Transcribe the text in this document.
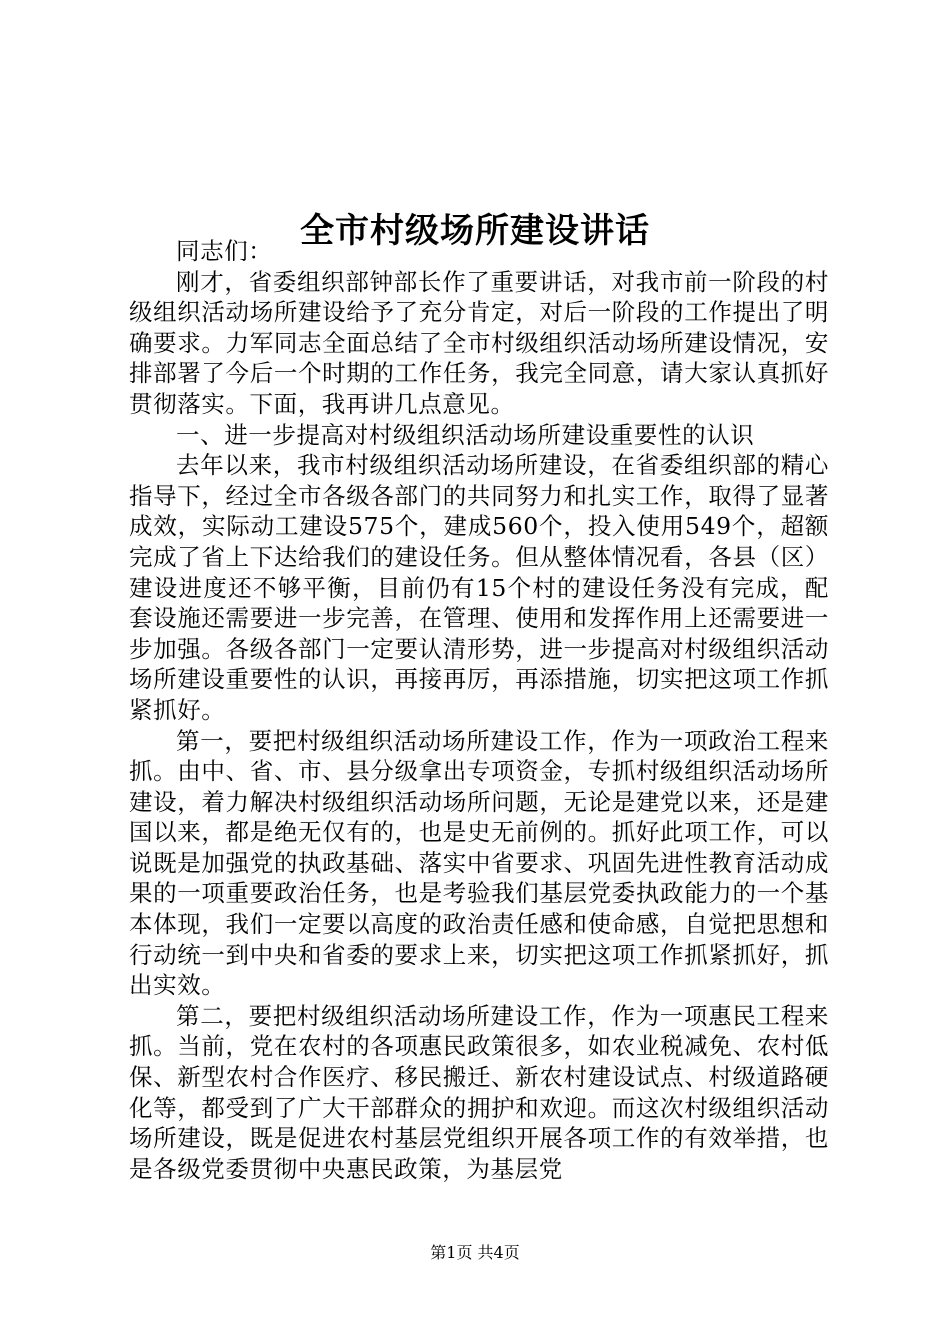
全市村级场所建设讲话

同志们：

刚才，省委组织部钟部长作了重要讲话，对我市前一阶段的村级组织活动场所建设给予了充分肯定，对后一阶段的工作提出了明确要求。力军同志全面总结了全市村级组织活动场所建设情况，安排部署了今后一个时期的工作任务，我完全同意，请大家认真抓好贯彻落实。下面，我再讲几点意见。

一、进一步提高对村级组织活动场所建设重要性的认识

去年以来，我市村级组织活动场所建设，在省委组织部的精心指导下，经过全市各级各部门的共同努力和扎实工作，取得了显著成效，实际动工建设575个，建成560个，投入使用549个，超额完成了省上下达给我们的建设任务。但从整体情况看，各县（区）建设进度还不够平衡，目前仍有15个村的建设任务没有完成，配套设施还需要进一步完善，在管理、使用和发挥作用上还需要进一步加强。各级各部门一定要认清形势，进一步提高对村级组织活动场所建设重要性的认识，再接再厉，再添措施，切实把这项工作抓紧抓好。

第一，要把村级组织活动场所建设工作，作为一项政治工程来抓。由中、省、市、县分级拿出专项资金，专抓村级组织活动场所建设，着力解决村级组织活动场所问题，无论是建党以来，还是建国以来，都是绝无仅有的，也是史无前例的。抓好此项工作，可以说既是加强党的执政基础、落实中省要求、巩固先进性教育活动成果的一项重要政治任务，也是考验我们基层党委执政能力的一个基本体现，我们一定要以高度的政治责任感和使命感，自觉把思想和行动统一到中央和省委的要求上来，切实把这项工作抓紧抓好，抓出实效。

第二，要把村级组织活动场所建设工作，作为一项惠民工程来抓。当前，党在农村的各项惠民政策很多，如农业税减免、农村低保、新型农村合作医疗、移民搬迁、新农村建设试点、村级道路硬化等，都受到了广大干部群众的拥护和欢迎。而这次村级组织活动场所建设，既是促进农村基层党组织开展各项工作的有效举措，也是各级党委贯彻中央惠民政策，为基层党

第1页 共4页
